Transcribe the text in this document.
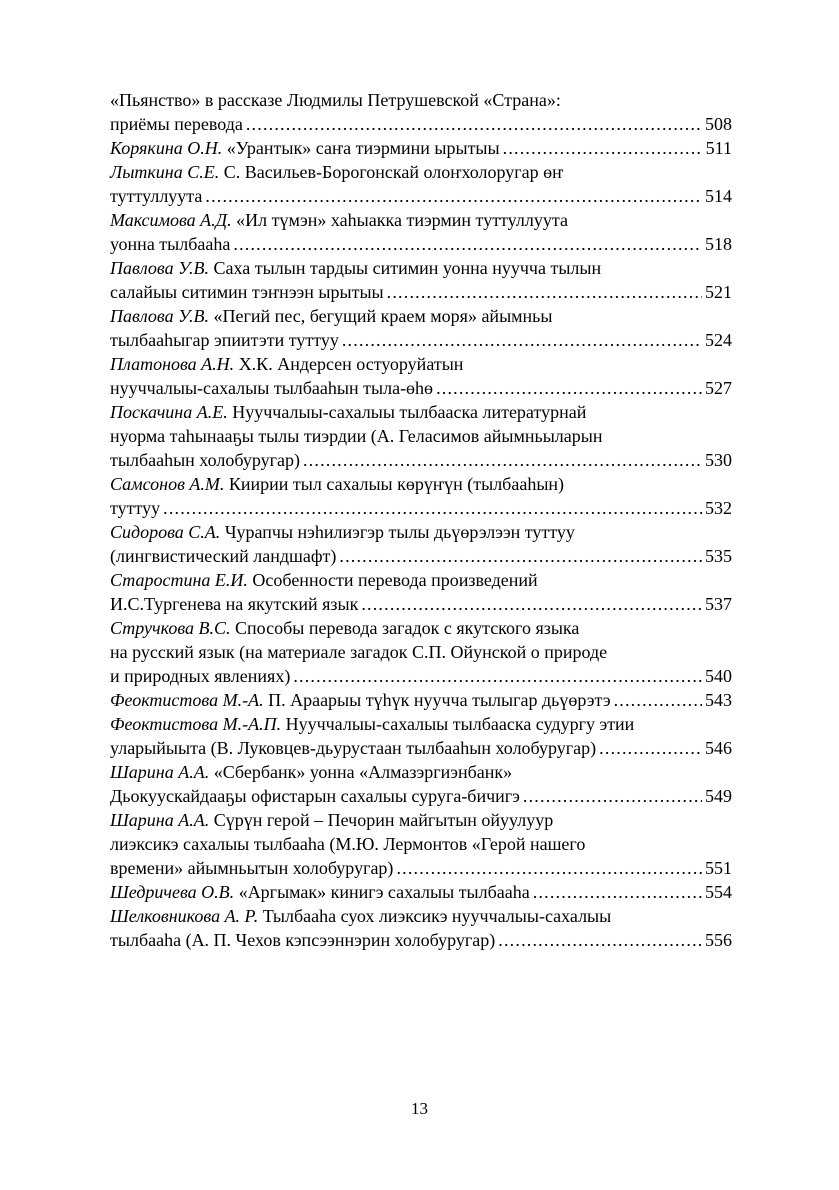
«Пьянство» в рассказе Людмилы Петрушевской «Страна»:
приёмы перевода .....	508
Корякина О.Н. «Урантык» саҥа тиэрмини ырытыы .....	511
Лыткина С.Е. С. Васильев-Борогонскай олоҥхолоругар өҥ
туттуллуута .....	514
Максимова А.Д. «Ил түмэн» хаһыакка тиэрмин туттуллуута
уонна тылбааһа .....	518
Павлова У.В. Саха тылын тардыы ситимин уонна нуучча тылын
салайыы ситимин тэҥнээн ырытыы .....	521
Павлова У.В. «Пегий пес, бегущий краем моря» айымньы
тылбааһыгар эпиитэти туттуу .....	524
Платонова А.Н. Х.К. Андерсен остуоруйатын
нууччалыы-сахалыы тылбааһын тыла-өһө .....	527
Поскачина А.Е. Нууччалыы-сахалыы тылбааска литературнай
нуорма таһынааҕы тылы тиэрдии (А. Геласимов айымньыларын
тылбааһын холобуругар) .....	530
Самсонов А.М. Киирии тыл сахалыы көрүҥүн (тылбааһын)
туттуу .....	532
Сидорова С.А. Чурапчы нэһилиэгэр тылы дьүөрэлээн туттуу
(лингвистический ландшафт) .....	535
Старостина Е.И. Особенности перевода произведений
И.С.Тургенева на якутский язык .....	537
Стручкова В.С. Способы перевода загадок с якутского языка
на русский язык (на материале загадок С.П. Ойунской о природе
и природных явлениях) .....	540
Феоктистова М.-А. П. Араарыы түһүк нуучча тылыгар дьүөрэтэ .....	543
Феоктистова М.-А.П. Нууччалыы-сахалыы тылбааска судургу этии
уларыйыыта (В. Луковцев-дьурустаан тылбааһын холобуругар) .....	546
Шарина А.А. «Сбербанк» уонна «Алмазэргиэнбанк»
Дьокуускайдааҕы офистарын сахалыы суруга-бичигэ .....	549
Шарина А.А. Сүрүн герой – Печорин майгытын ойуулуур
лиэксикэ сахалыы тылбааһа (М.Ю. Лермонтов «Герой нашего
времени» айымньытын холобуругар) .....	551
Шедричева О.В. «Аргымак» кинигэ сахалыы тылбааһа .....	554
Шелковникова А. Р. Тылбааһа суох лиэксикэ нууччалыы-сахалыы
тылбааһа (А. П. Чехов кэпсээннэрин холобуругар) .....	556
13
